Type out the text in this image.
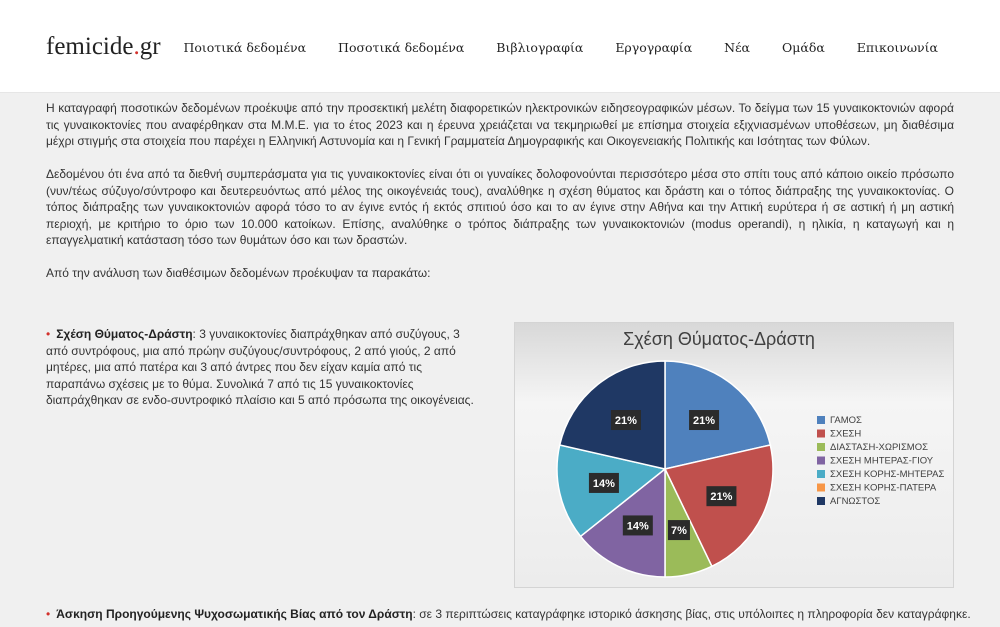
femicide.gr Ποιοτικά δεδομένα	Ποσοτικά δεδομένα	Βιβλιογραφία	Εργογραφία	Νέα	Ομάδα	Επικοινωνία

Η καταγραφή ποσοτικών δεδομένων προέκυψε από την προσεκτική μελέτη διαφορετικών ηλεκτρονικών ειδησεογραφικών μέσων. Το δείγμα των 15 γυναικοκτονιών αφορά τις γυναικοκτονίες που αναφέρθηκαν στα Μ.Μ.Ε. για το έτος 2023 και η έρευνα χρειάζεται να τεκμηριωθεί με επίσημα στοιχεία εξιχνιασμένων υποθέσεων, μη διαθέσιμα μέχρι στιγμής στα στοιχεία που παρέχει η Ελληνική Αστυνομία και η Γενική Γραμματεία Δημογραφικής και Οικογενειακής Πολιτικής και Ισότητας των Φύλων.

Δεδομένου ότι ένα από τα διεθνή συμπεράσματα για τις γυναικοκτονίες είναι ότι οι γυναίκες δολοφονούνται περισσότερο μέσα στο σπίτι τους από κάποιο οικείο πρόσωπο (νυν/τέως σύζυγο/σύντροφο και δευτερευόντως από μέλος της οικογένειάς τους), αναλύθηκε η σχέση θύματος και δράστη και ο τόπος διάπραξης της γυναικοκτονίας. Ο τόπος διάπραξης των γυναικοκτονιών αφορά τόσο το αν έγινε εντός ή εκτός σπιτιού όσο και το αν έγινε στην Αθήνα και την Αττική ευρύτερα ή σε αστική ή μη αστική περιοχή, με κριτήριο το όριο των 10.000 κατοίκων. Επίσης, αναλύθηκε ο τρόπος διάπραξης των γυναικοκτονιών (modus operandi), η ηλικία, η καταγωγή και η επαγγελματική κατάσταση τόσο των θυμάτων όσο και των δραστών.

Από την ανάλυση των διαθέσιμων δεδομένων προέκυψαν τα παρακάτω:

• Σχέση Θύματος-Δράστη: 3 γυναικοκτονίες διαπράχθηκαν από συζύγους, 3 από συντρόφους, μια από πρώην συζύγους/συντρόφους, 2 από γιούς, 2 από μητέρες, μια από πατέρα και 3 από άντρες που δεν είχαν καμία από τις παραπάνω σχέσεις με το θύμα. Συνολικά 7 από τις 15 γυναικοκτονίες διαπράχθηκαν σε ενδο-συντροφικό πλαίσιο και 5 από πρόσωπα της οικογένειας.
Σχέση Θύματος-Δράστη
21%
21%
7%
14%
14%
21%	ΓΑΜΟΣ
ΣΧΕΣΗ
ΔΙΑΣΤΑΣΗ-ΧΩΡΙΣΜΟΣ
ΣΧΕΣΗ ΜΗΤΕΡΑΣ-ΓΙΟΥ
ΣΧΕΣΗ ΚΟΡΗΣ-ΜΗΤΕΡΑΣ
ΣΧΕΣΗ ΚΟΡΗΣ-ΠΑΤΕΡΑ
ΑΓΝΩΣΤΟΣ
• Άσκηση Προηγούμενης Ψυχοσωματικής Βίας από τον Δράστη: σε 3 περιπτώσεις καταγράφηκε ιστορικό άσκησης βίας, στις υπόλοιπες η πληροφορία δεν καταγράφηκε.
